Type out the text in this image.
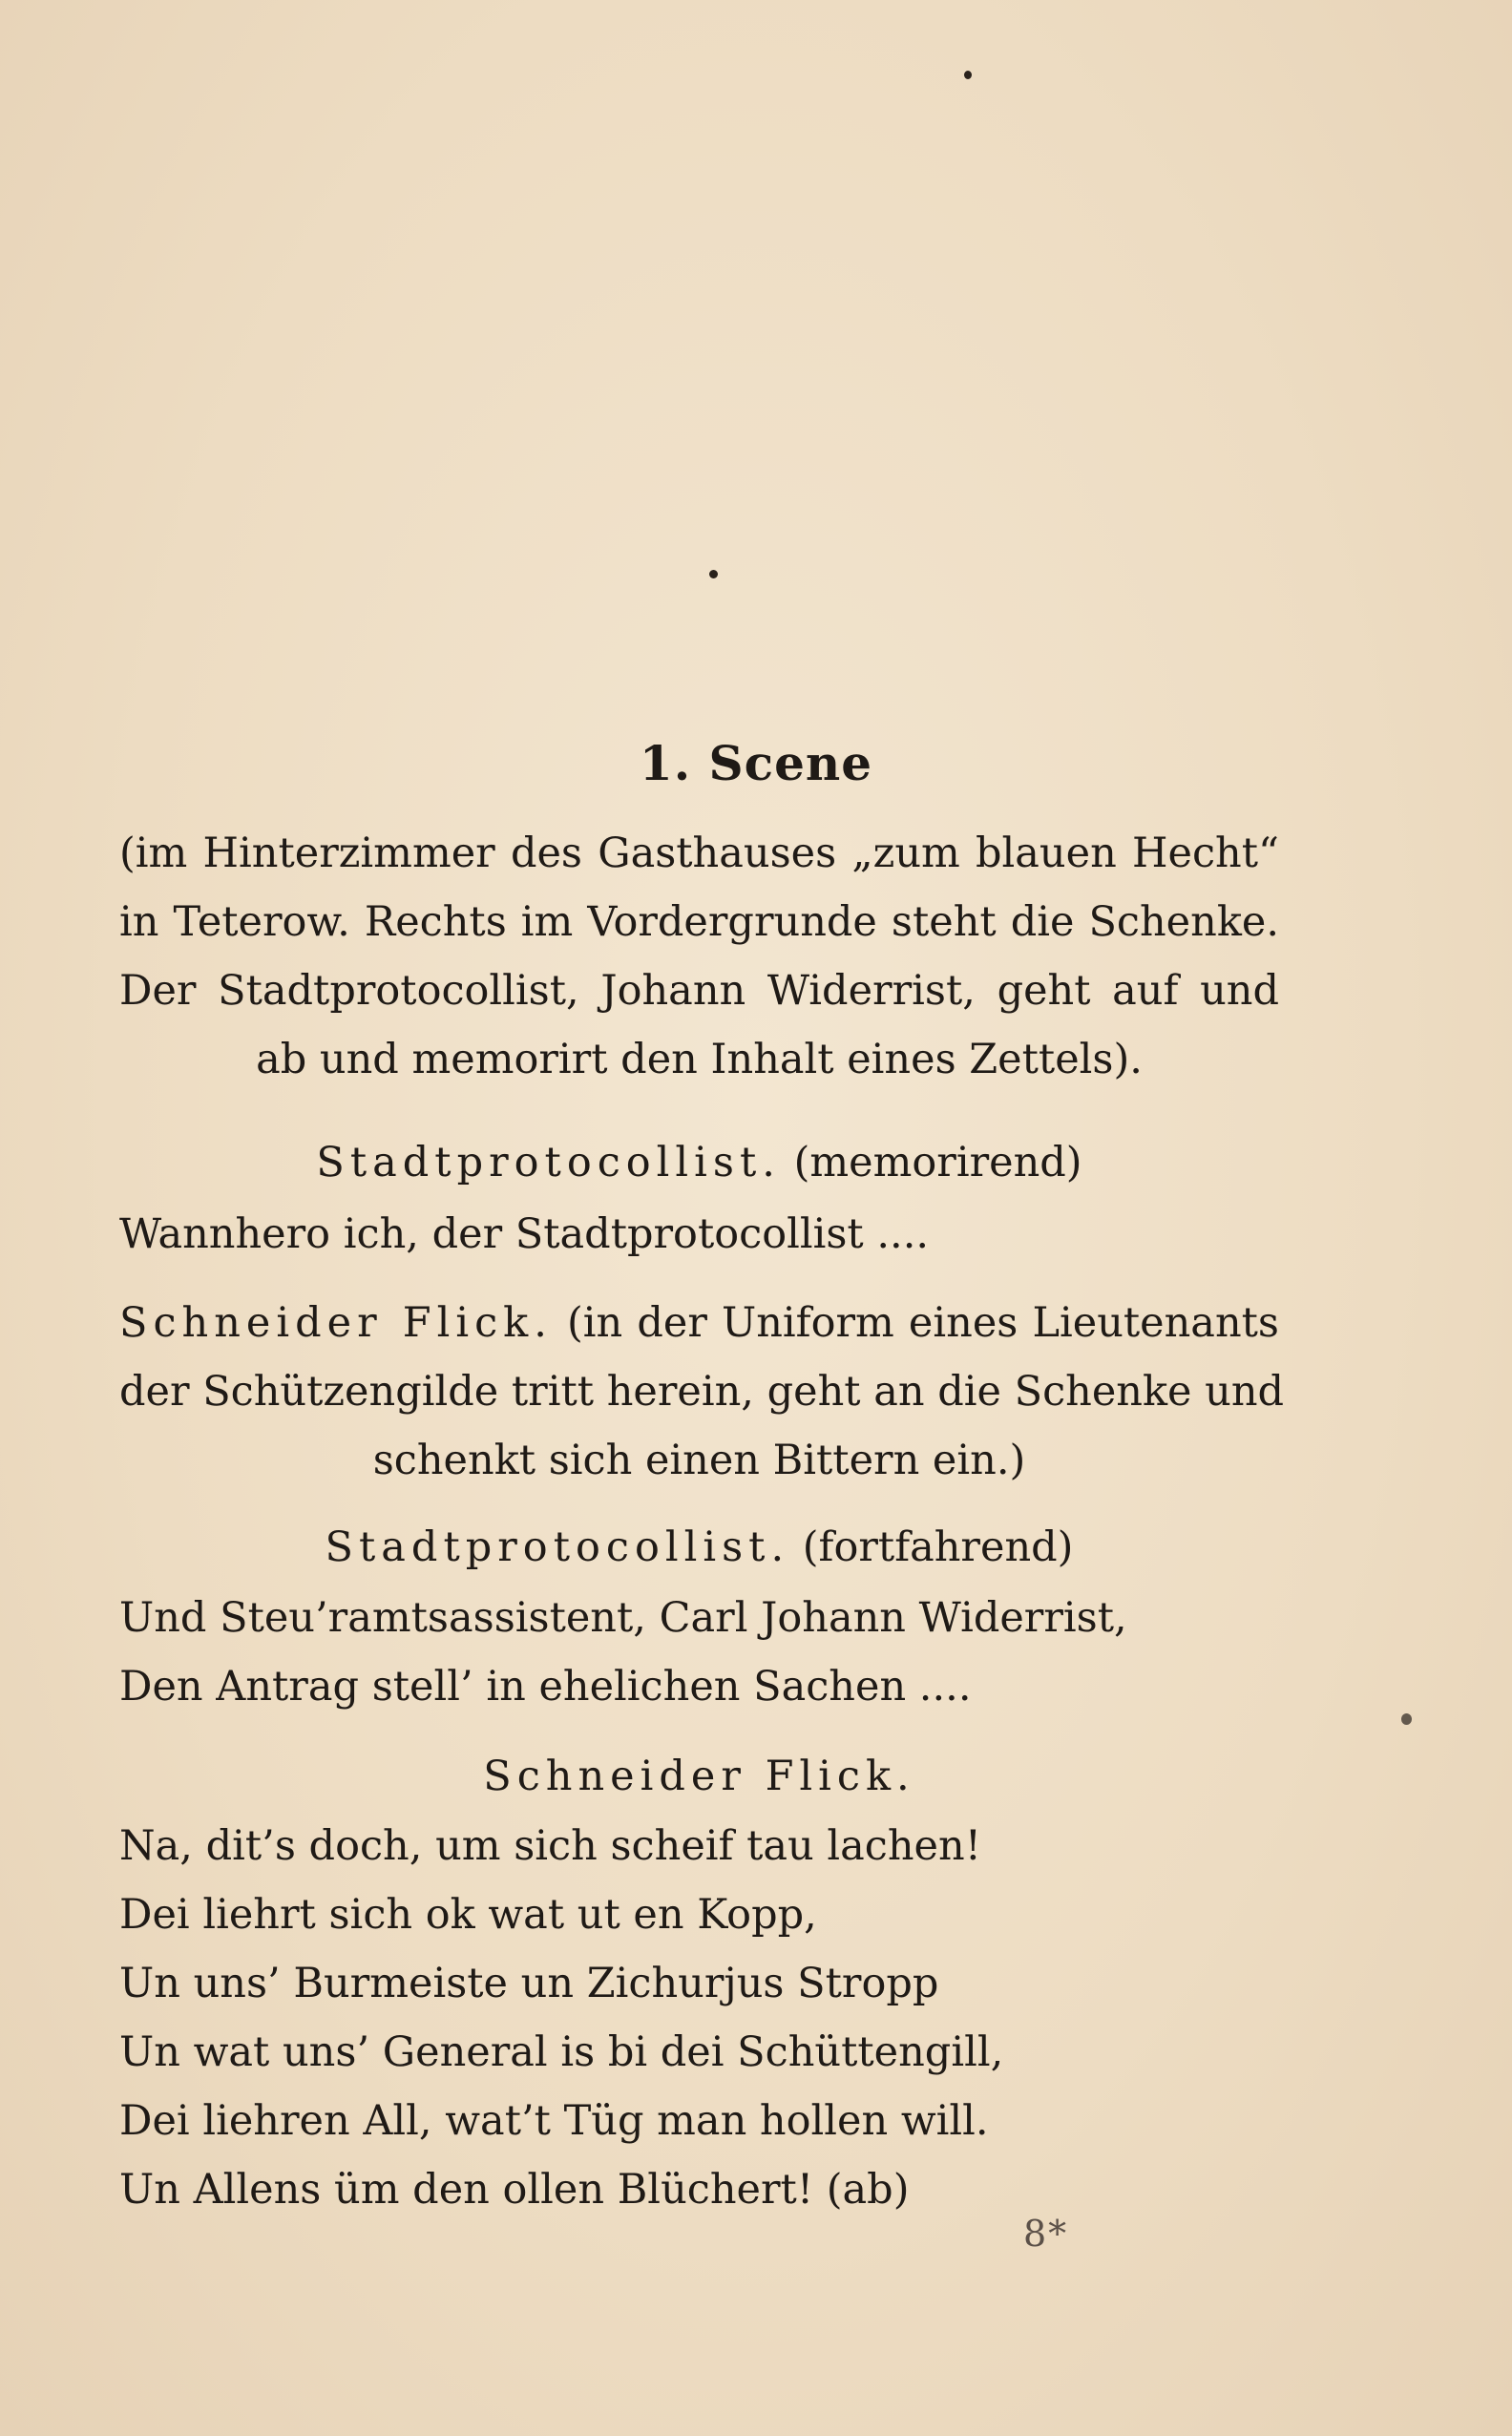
1. Scene
(im Hinterzimmer des Gasthauses „zum blauen Hecht“
in Teterow. Rechts im Vordergrunde steht die Schenke.
Der Stadtprotocollist, Johann Widerrist, geht auf und
ab und memorirt den Inhalt eines Zettels).
Stadtprotocollist. (memorirend)
Wannhero ich, der Stadtprotocollist ....
Schneider Flick. (in der Uniform eines Lieutenants
der Schützengilde tritt herein, geht an die Schenke und
schenkt sich einen Bittern ein.)
Stadtprotocollist. (fortfahrend)
Und Steu’ramtsassistent, Carl Johann Widerrist,
Den Antrag stell’ in ehelichen Sachen ....
Schneider Flick.
Na, dit’s doch, um sich scheif tau lachen!
Dei liehrt sich ok wat ut en Kopp,
Un uns’ Burmeiste un Zichurjus Stropp
Un wat uns’ General is bi dei Schüttengill,
Dei liehren All, wat’t Tüg man hollen will.
Un Allens üm den ollen Blüchert! (ab)
8*
